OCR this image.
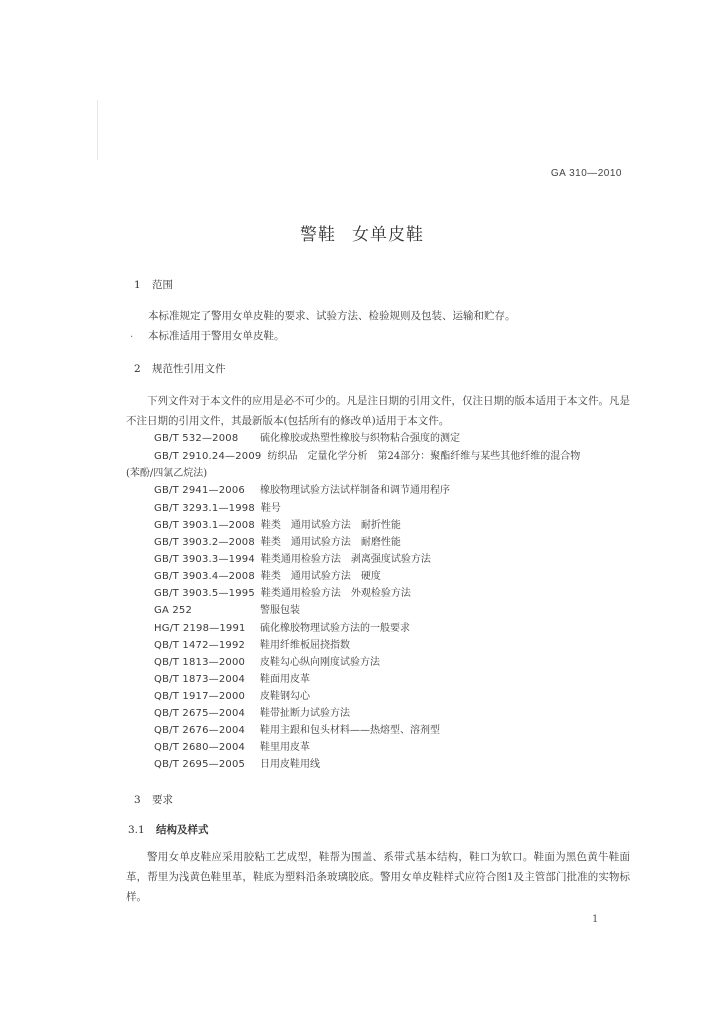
GA 310—2010
警鞋 女单皮鞋
1 范围
本标准规定了警用女单皮鞋的要求、试验方法、检验规则及包装、运输和贮存。
. 本标准适用于警用女单皮鞋。
2 规范性引用文件
下列文件对于本文件的应用是必不可少的。凡是注日期的引用文件，仅注日期的版本适用于本文件。凡是不注日期的引用文件，其最新版本(包括所有的修改单)适用于本文件。
GB/T 532—2008 硫化橡胶或热塑性橡胶与织物粘合强度的测定
GB/T 2910.24—2009 纺织品　定量化学分析　第24部分：聚酯纤维与某些其他纤维的混合物
(苯酚/四氯乙烷法)
GB/T 2941—2006 橡胶物理试验方法试样制备和调节通用程序
GB/T 3293.1—1998 鞋号
GB/T 3903.1—2008 鞋类　通用试验方法　耐折性能
GB/T 3903.2—2008 鞋类　通用试验方法　耐磨性能
GB/T 3903.3—1994 鞋类通用检验方法　剥离强度试验方法
GB/T 3903.4—2008 鞋类　通用试验方法　硬度
GB/T 3903.5—1995 鞋类通用检验方法　外观检验方法
GA 252	警服包装
HG/T 2198—1991 硫化橡胶物理试验方法的一般要求
QB/T 1472—1992 鞋用纤维板屈挠指数
QB/T 1813—2000 皮鞋勾心纵向刚度试验方法
QB/T 1873—2004 鞋面用皮革
QB/T 1917—2000 皮鞋钢勾心
QB/T 2675—2004 鞋带扯断力试验方法
QB/T 2676—2004 鞋用主跟和包头材料——热熔型、溶剂型
QB/T 2680—2004 鞋里用皮革
QB/T 2695—2005 日用皮鞋用线
3 要求
3.1 结构及样式
警用女单皮鞋应采用胶粘工艺成型，鞋帮为围盖、系带式基本结构，鞋口为软口。鞋面为黑色黄牛鞋面革，帮里为浅黄色鞋里革，鞋底为塑料沿条玻璃胶底。警用女单皮鞋样式应符合图1及主管部门批准的实物标样。
1
